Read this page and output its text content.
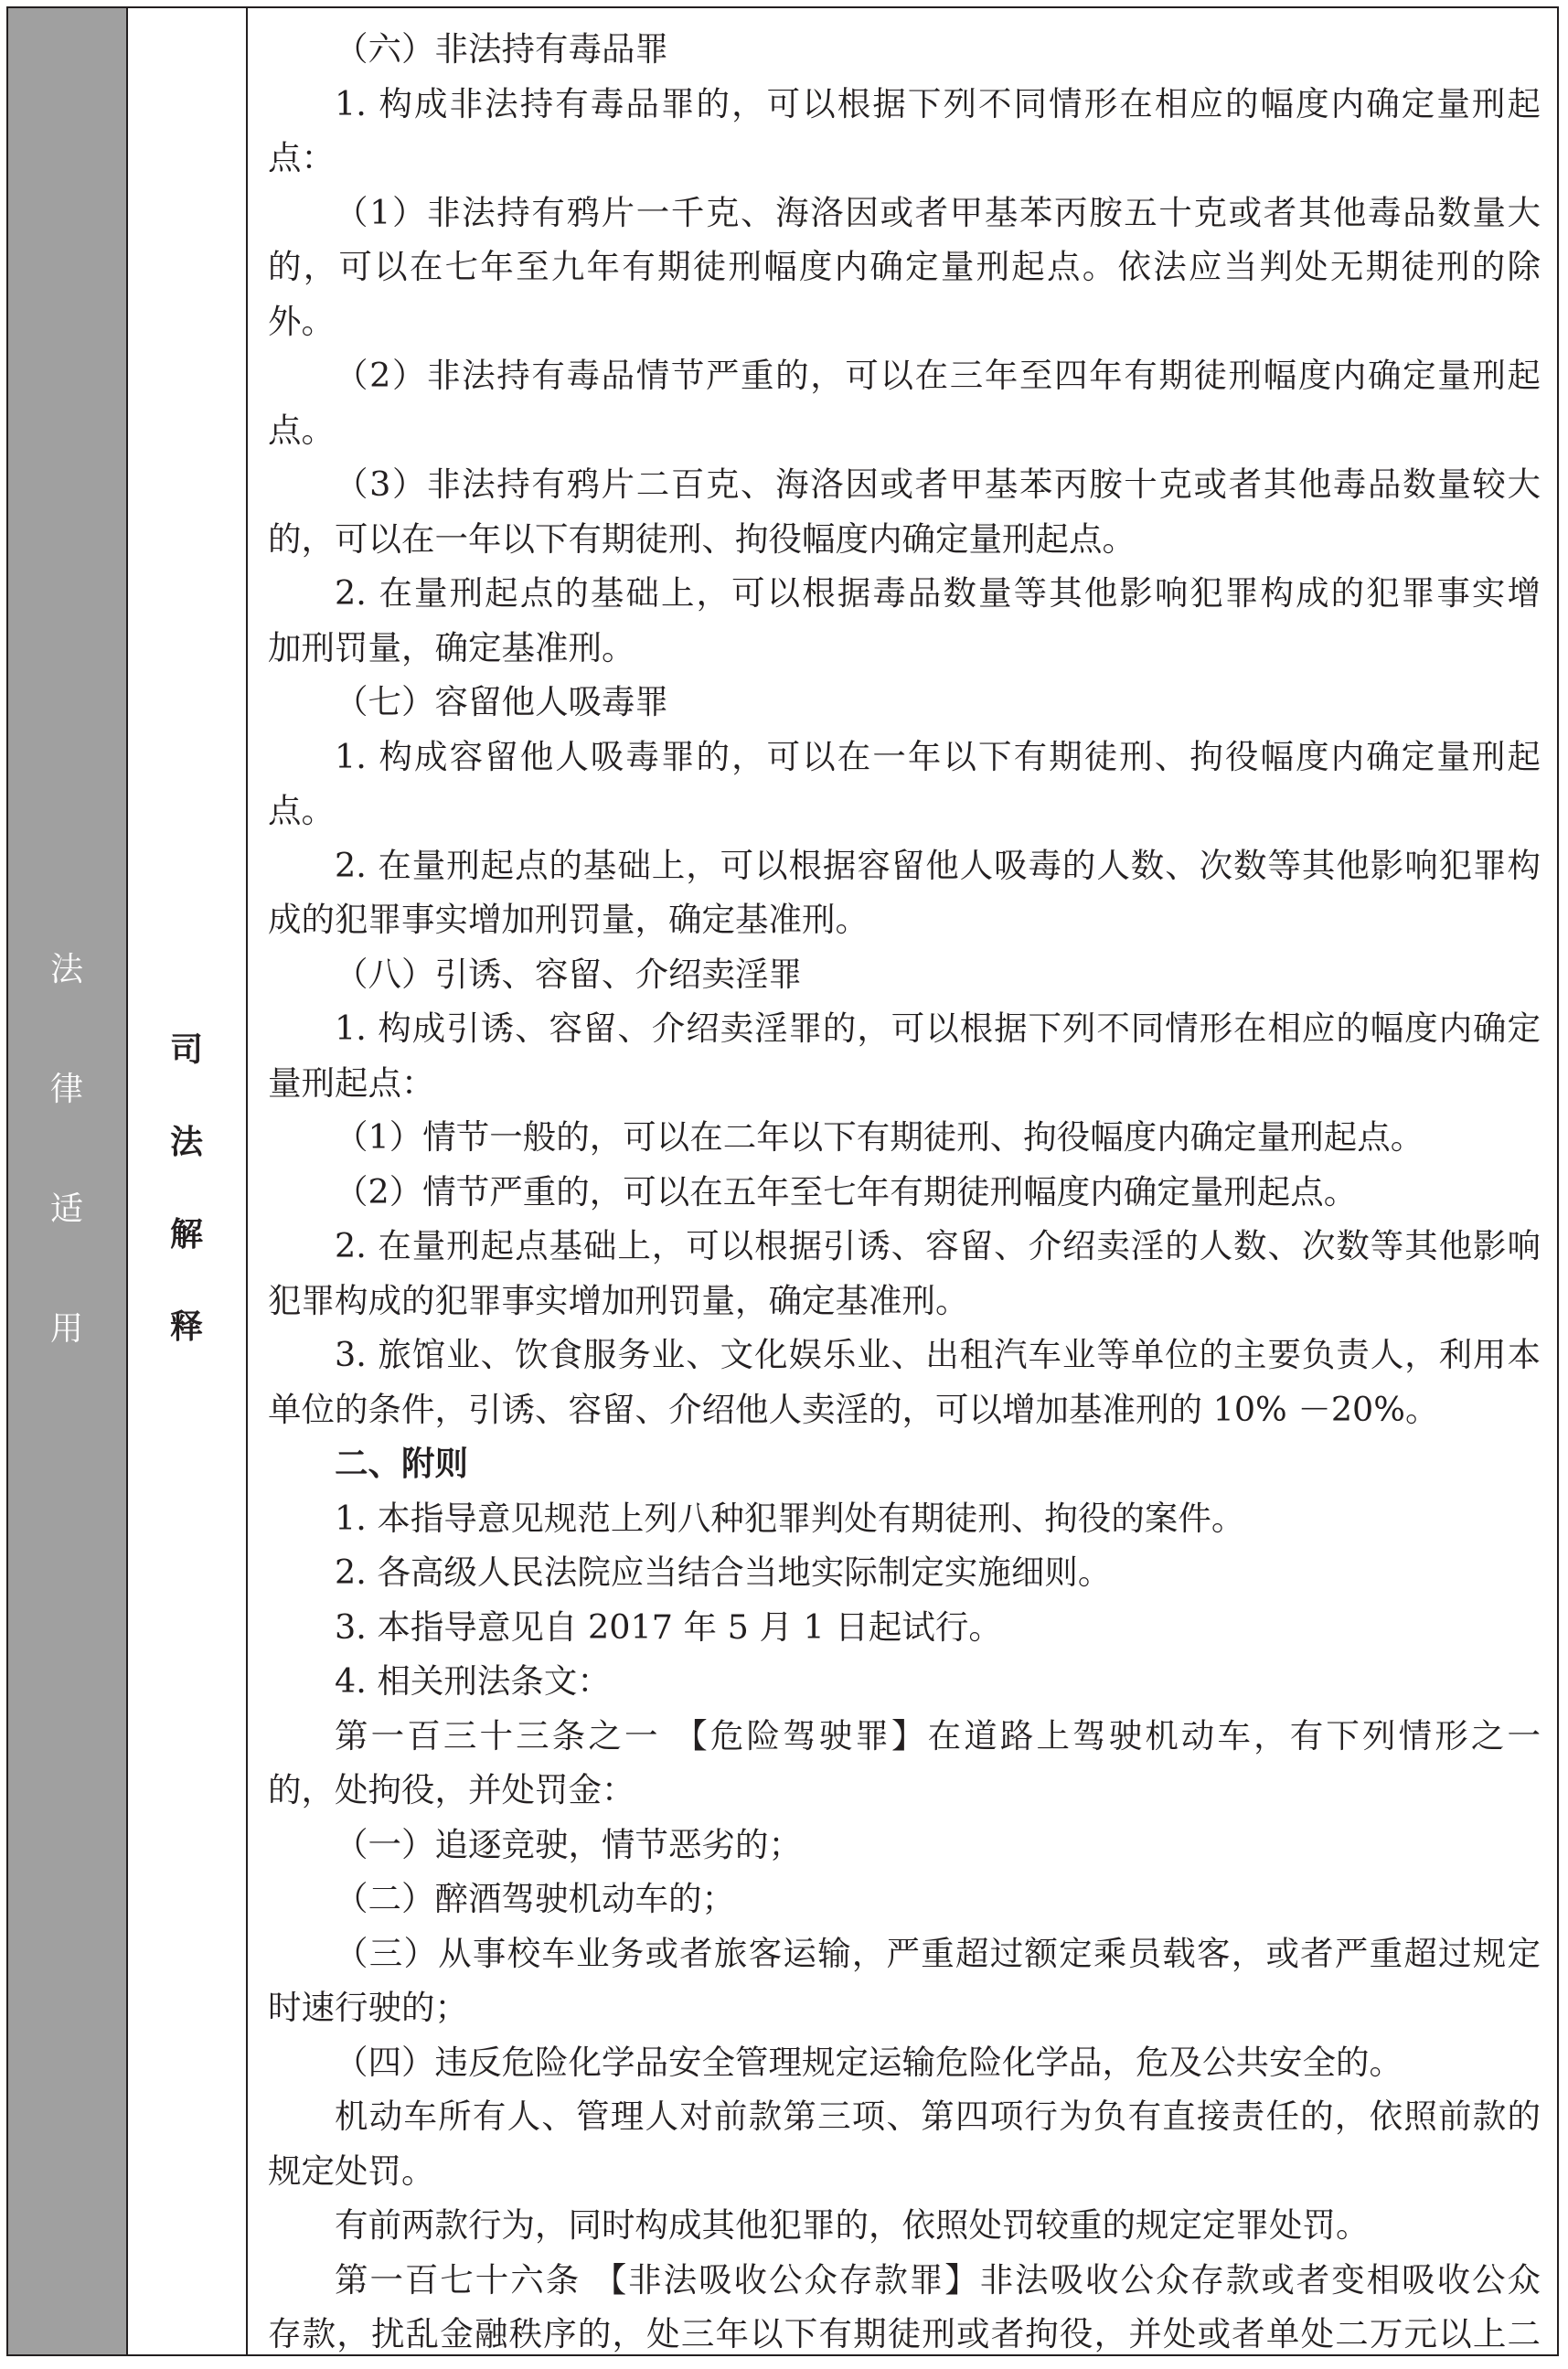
法律适用
司法解释
（六）非法持有毒品罪
1. 构成非法持有毒品罪的，可以根据下列不同情形在相应的幅度内确定量刑起
点：
（1）非法持有鸦片一千克、海洛因或者甲基苯丙胺五十克或者其他毒品数量大
的，可以在七年至九年有期徒刑幅度内确定量刑起点。依法应当判处无期徒刑的除
外。
（2）非法持有毒品情节严重的，可以在三年至四年有期徒刑幅度内确定量刑起
点。
（3）非法持有鸦片二百克、海洛因或者甲基苯丙胺十克或者其他毒品数量较大
的，可以在一年以下有期徒刑、拘役幅度内确定量刑起点。
2. 在量刑起点的基础上，可以根据毒品数量等其他影响犯罪构成的犯罪事实增
加刑罚量，确定基准刑。
（七）容留他人吸毒罪
1. 构成容留他人吸毒罪的，可以在一年以下有期徒刑、拘役幅度内确定量刑起
点。
2. 在量刑起点的基础上，可以根据容留他人吸毒的人数、次数等其他影响犯罪构
成的犯罪事实增加刑罚量，确定基准刑。
（八）引诱、容留、介绍卖淫罪
1. 构成引诱、容留、介绍卖淫罪的，可以根据下列不同情形在相应的幅度内确定
量刑起点：
（1）情节一般的，可以在二年以下有期徒刑、拘役幅度内确定量刑起点。
（2）情节严重的，可以在五年至七年有期徒刑幅度内确定量刑起点。
2. 在量刑起点基础上，可以根据引诱、容留、介绍卖淫的人数、次数等其他影响
犯罪构成的犯罪事实增加刑罚量，确定基准刑。
3. 旅馆业、饮食服务业、文化娱乐业、出租汽车业等单位的主要负责人，利用本
单位的条件，引诱、容留、介绍他人卖淫的，可以增加基准刑的 10% －20%。
二、附则
1. 本指导意见规范上列八种犯罪判处有期徒刑、拘役的案件。
2. 各高级人民法院应当结合当地实际制定实施细则。
3. 本指导意见自 2017 年 5 月 1 日起试行。
4. 相关刑法条文：
第一百三十三条之一 【危险驾驶罪】在道路上驾驶机动车，有下列情形之一
的，处拘役，并处罚金：
（一）追逐竞驶，情节恶劣的；
（二）醉酒驾驶机动车的；
（三）从事校车业务或者旅客运输，严重超过额定乘员载客，或者严重超过规定
时速行驶的；
（四）违反危险化学品安全管理规定运输危险化学品，危及公共安全的。
机动车所有人、管理人对前款第三项、第四项行为负有直接责任的，依照前款的
规定处罚。
有前两款行为，同时构成其他犯罪的，依照处罚较重的规定定罪处罚。
第一百七十六条 【非法吸收公众存款罪】非法吸收公众存款或者变相吸收公众
存款，扰乱金融秩序的，处三年以下有期徒刑或者拘役，并处或者单处二万元以上二
